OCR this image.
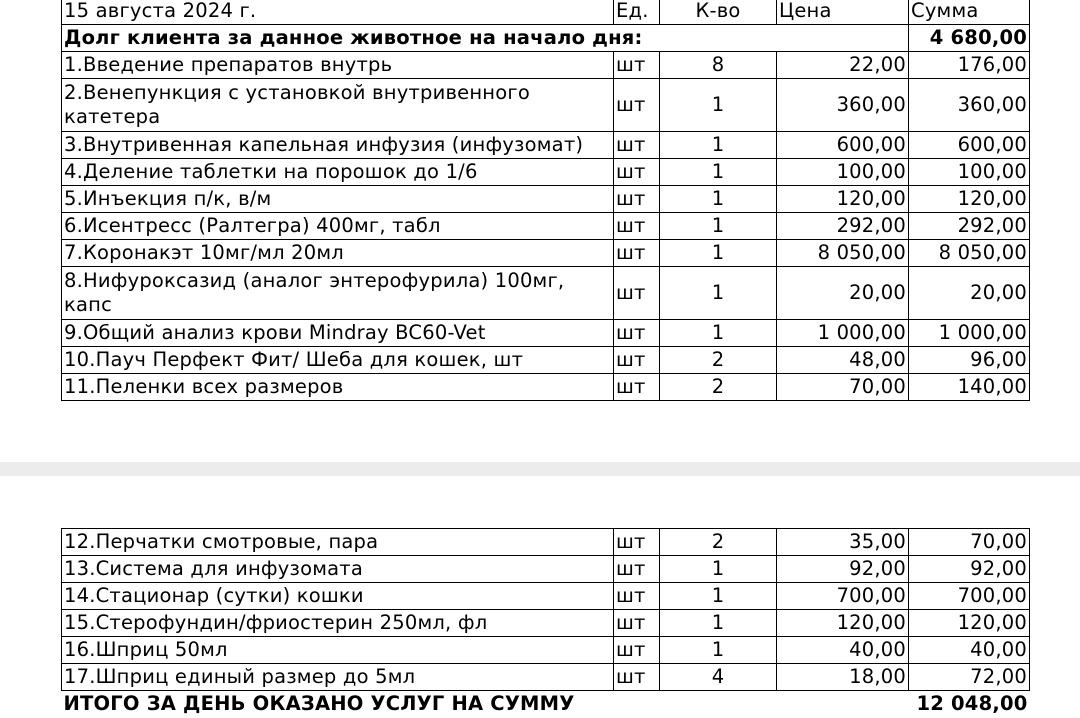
15 августа 2024 г.	Ед.	К-во	Цена	Сумма
Долг клиента за данное животное на начало дня:				4 680,00
1.Введение препаратов внутрь	шт	8	22,00	176,00
2.Венепункция с установкой внутривенного катетера	шт	1	360,00	360,00
3.Внутривенная капельная инфузия (инфузомат)	шт	1	600,00	600,00
4.Деление таблетки на порошок до 1/6	шт	1	100,00	100,00
5.Инъекция п/к, в/м	шт	1	120,00	120,00
6.Исентресс (Ралтегра) 400мг, табл	шт	1	292,00	292,00
7.Коронакэт 10мг/мл 20мл	шт	1	8 050,00	8 050,00
8.Нифуроксазид (аналог энтерофурила) 100мг, капс	шт	1	20,00	20,00
9.Общий анализ крови Mindray BC60-Vet	шт	1	1 000,00	1 000,00
10.Пауч Перфект Фит/ Шеба для кошек, шт	шт	2	48,00	96,00
11.Пеленки всех размеров	шт	2	70,00	140,00
12.Перчатки смотровые, пара	шт	2	35,00	70,00
13.Система для инфузомата	шт	1	92,00	92,00
14.Стационар (сутки) кошки	шт	1	700,00	700,00
15.Стерофундин/фриостерин 250мл, фл	шт	1	120,00	120,00
16.Шприц 50мл	шт	1	40,00	40,00
17.Шприц единый размер до 5мл	шт	4	18,00	72,00
ИТОГО ЗА ДЕНЬ ОКАЗАНО УСЛУГ НА СУММУ				12 048,00
